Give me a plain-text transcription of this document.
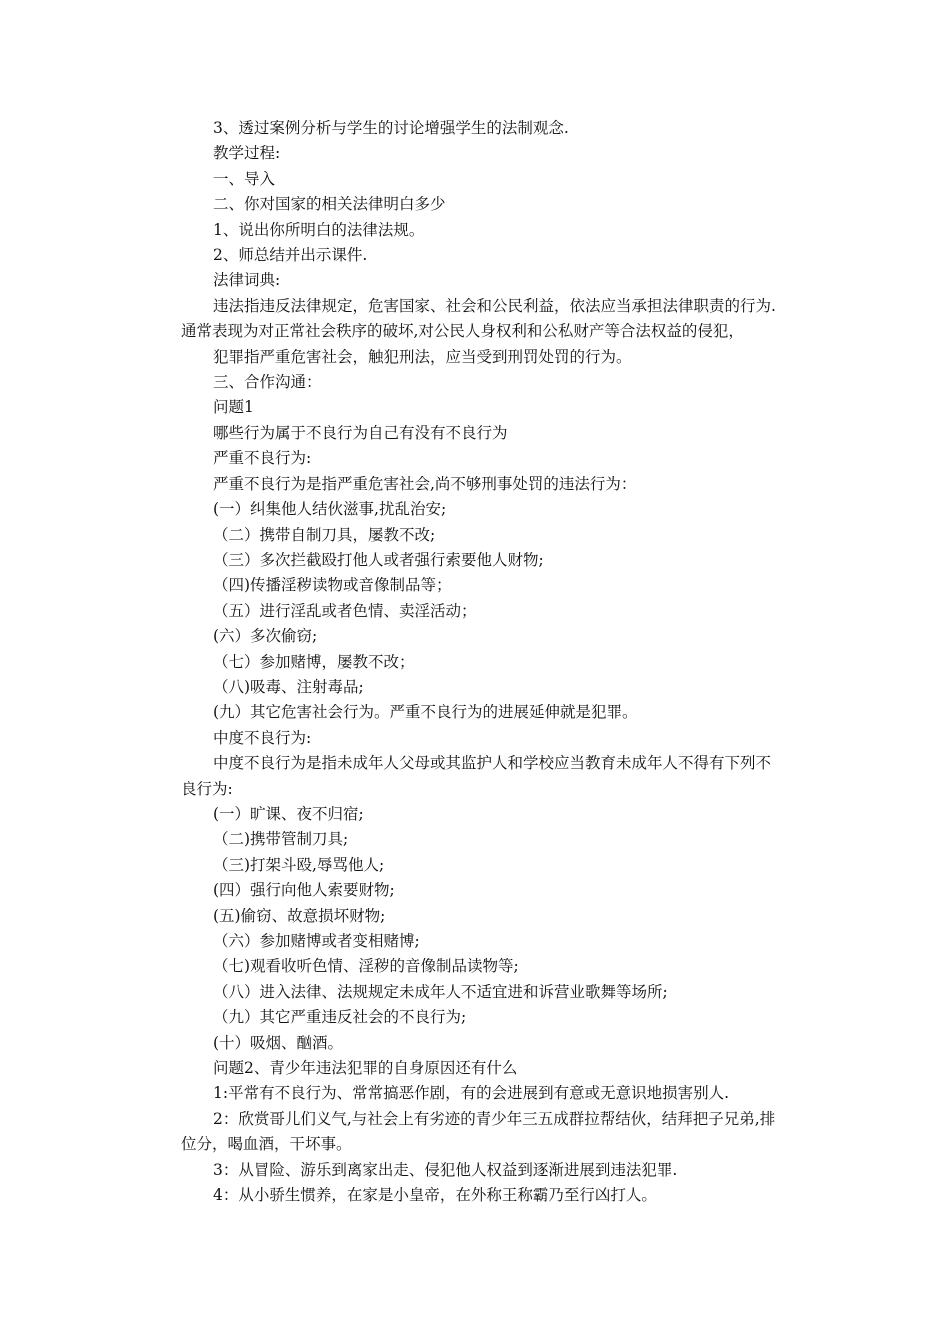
3、透过案例分析与学生的讨论增强学生的法制观念.

教学过程:

一、导入

二、你对国家的相关法律明白多少

1、说出你所明白的法律法规。

2、师总结并出示课件.

法律词典:

违法指违反法律规定，危害国家、社会和公民利益，依法应当承担法律职责的行为.通常表现为对正常社会秩序的破坏,对公民人身权利和公私财产等合法权益的侵犯，

犯罪指严重危害社会，触犯刑法，应当受到刑罚处罚的行为。

三、合作沟通：

问题1

哪些行为属于不良行为自己有没有不良行为

严重不良行为:

严重不良行为是指严重危害社会,尚不够刑事处罚的违法行为：

(一）纠集他人结伙滋事,扰乱治安;

（二）携带自制刀具，屡教不改;

（三）多次拦截殴打他人或者强行索要他人财物;

（四)传播淫秽读物或音像制品等；

（五）进行淫乱或者色情、卖淫活动；

(六）多次偷窃;

（七）参加赌博，屡教不改；

（八)吸毒、注射毒品;

(九）其它危害社会行为。严重不良行为的进展延伸就是犯罪。

中度不良行为:

中度不良行为是指未成年人父母或其监护人和学校应当教育未成年人不得有下列不良行为:

(一）旷课、夜不归宿;

（二)携带管制刀具;

（三)打架斗殴,辱骂他人;

(四）强行向他人索要财物;

(五)偷窃、故意损坏财物;

（六）参加赌博或者变相赌博;

（七)观看收听色情、淫秽的音像制品读物等;

（八）进入法律、法规规定未成年人不适宜进和诉营业歌舞等场所;

（九）其它严重违反社会的不良行为;

(十）吸烟、酗酒。

问题2、青少年违法犯罪的自身原因还有什么

1:平常有不良行为、常常搞恶作剧，有的会进展到有意或无意识地损害别人.

2：欣赏哥儿们义气,与社会上有劣迹的青少年三五成群拉帮结伙，结拜把子兄弟,排位分，喝血酒，干坏事。

3：从冒险、游乐到离家出走、侵犯他人权益到逐渐进展到违法犯罪.

4：从小骄生惯养，在家是小皇帝，在外称王称霸乃至行凶打人。
